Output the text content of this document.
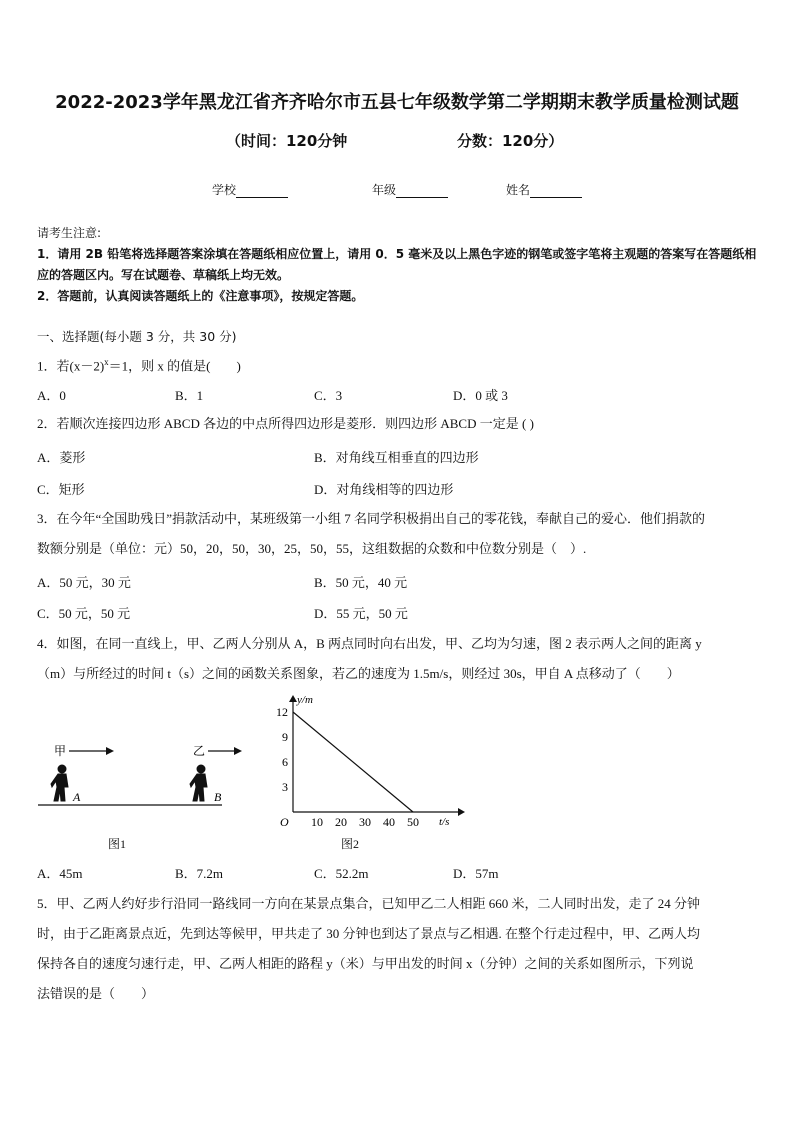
2022-2023学年黑龙江省齐齐哈尔市五县七年级数学第二学期期末教学质量检测试题
（时间：120分钟	分数：120分）
学校	年级	姓名
请考生注意:
1．请用 2B 铅笔将选择题答案涂填在答题纸相应位置上，请用 0．5 毫米及以上黑色字迹的钢笔或签字笔将主观题的答案写在答题纸相应的答题区内。写在试题卷、草稿纸上均无效。
2．答题前，认真阅读答题纸上的《注意事项》，按规定答题。
一、选择题(每小题 3 分，共 30 分)
1．若$(x-2)^x=1$，则 x 的值是(　　)
A．0	B．1	C．3	D．0 或 3
2．若顺次连接四边形 ABCD 各边的中点所得四边形是菱形．则四边形 ABCD 一定是 ( )
A．菱形	B．对角线互相垂直的四边形
C．矩形	D．对角线相等的四边形
3．在今年“全国助残日”捐款活动中，某班级第一小组 7 名同学积极捐出自己的零花钱，奉献自己的爱心．他们捐款的
数额分别是（单位：元）50，20，50，30，25，50，55，这组数据的众数和中位数分别是（　）.
A．50 元，30 元	B．50 元，40 元
C．50 元，50 元	D．55 元，50 元
4．如图，在同一直线上，甲、乙两人分别从 A，B 两点同时向右出发，甲、乙均为匀速，图 2 表示两人之间的距离 y
（m）与所经过的时间 t（s）之间的函数关系图象，若乙的速度为 1.5m/s，则经过 30s，甲自 A 点移动了（　　）
甲	乙
A	B
图1
y/m
t/s
O
3
6
9
12
10 20 30 40 50
图2
A．45m	B．7.2m	C．52.2m	D．57m
5．甲、乙两人约好步行沿同一路线同一方向在某景点集合，已知甲乙二人相距 660 米，二人同时出发，走了 24 分钟
时，由于乙距离景点近，先到达等候甲，甲共走了 30 分钟也到达了景点与乙相遇. 在整个行走过程中，甲、乙两人均
保持各自的速度匀速行走，甲、乙两人相距的路程 y（米）与甲出发的时间 x（分钟）之间的关系如图所示，下列说
法错误的是（　　）
